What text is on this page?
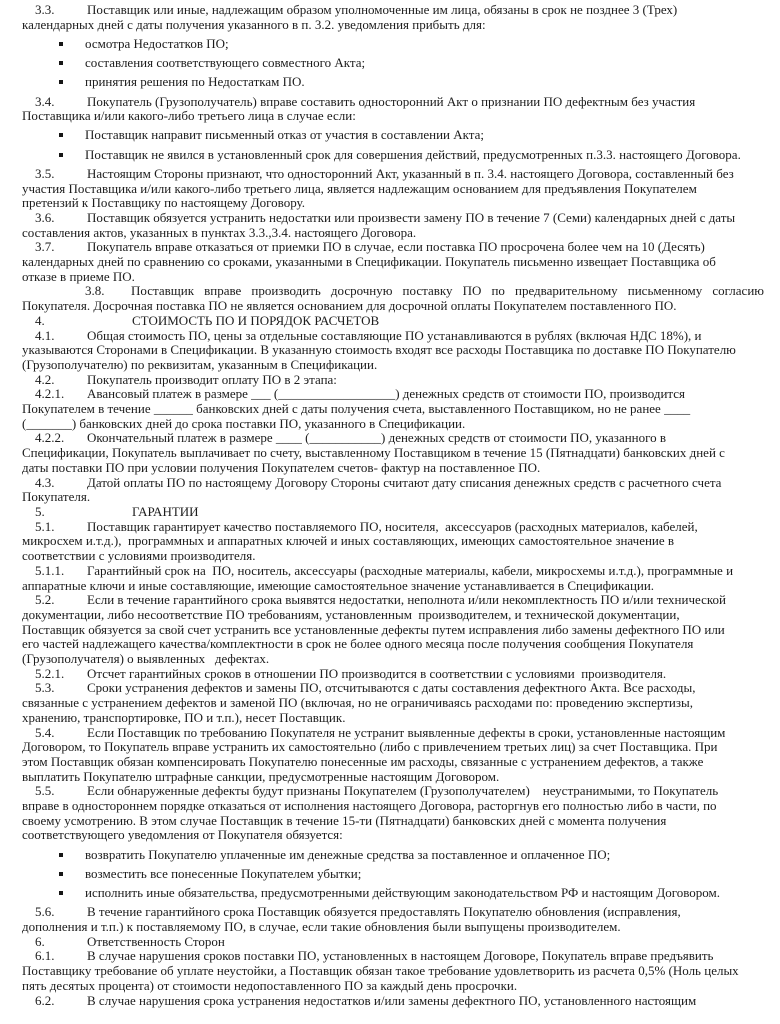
3.3.	Поставщик или иные, надлежащим образом уполномоченные им лица, обязаны в срок не позднее 3 (Трех) календарных дней с даты получения указанного в п. 3.2. уведомления прибыть для:
осмотра Недостатков ПО;
составления соответствующего совместного Акта;
принятия решения по Недостаткам ПО.
3.4.	Покупатель (Грузополучатель) вправе составить односторонний Акт о признании ПО дефектным без участия Поставщика и/или какого-либо третьего лица в случае если:
Поставщик направит письменный отказ от участия в составлении Акта;
Поставщик не явился в установленный срок для совершения действий, предусмотренных п.3.3. настоящего Договора.
3.5.	Настоящим Стороны признают, что односторонний Акт, указанный в п. 3.4. настоящего Договора, составленный без участия Поставщика и/или какого-либо третьего лица, является надлежащим основанием для предъявления Покупателем претензий к Поставщику по настоящему Договору.
3.6.	Поставщик обязуется устранить недостатки или произвести замену ПО в течение 7 (Семи) календарных дней с даты составления актов, указанных в пунктах 3.3.,3.4. настоящего Договора.
3.7.	Покупатель вправе отказаться от приемки ПО в случае, если поставка ПО просрочена более чем на 10 (Десять) календарных дней по сравнению со сроками, указанными в Спецификации. Покупатель письменно извещает Поставщика об отказе в приеме ПО.
3.8. Поставщик вправе производить досрочную поставку ПО по предварительному письменному согласию Покупателя. Досрочная поставка ПО не является основанием для досрочной оплаты Покупателем поставленного ПО.
4.	СТОИМОСТЬ ПО И ПОРЯДОК РАСЧЕТОВ
4.1.	Общая стоимость ПО, цены за отдельные составляющие ПО устанавливаются в рублях (включая НДС 18%), и указываются Сторонами в Спецификации. В указанную стоимость входят все расходы Поставщика по доставке ПО Покупателю (Грузополучателю) по реквизитам, указанным в Спецификации.
4.2.	Покупатель производит оплату ПО в 2 этапа:
4.2.1. Авансовый платеж в размере ___ (__________________) денежных средств от стоимости ПО, производится Покупателем в течение ______ банковских дней с даты получения счета, выставленного Поставщиком, но не ранее ____ (_______) банковских дней до срока поставки ПО, указанного в Спецификации.
4.2.2. Окончательный платеж в размере ____ (___________) денежных средств от стоимости ПО, указанного в Спецификации, Покупатель выплачивает по счету, выставленному Поставщиком в течение 15 (Пятнадцати) банковских дней с даты поставки ПО при условии получения Покупателем счетов- фактур на поставленное ПО.
4.3.	Датой оплаты ПО по настоящему Договору Стороны считают дату списания денежных средств с расчетного счета Покупателя.
5.	ГАРАНТИИ
5.1.	Поставщик гарантирует качество поставляемого ПО, носителя,  аксессуаров (расходных материалов, кабелей, микросхем и.т.д.),  программных и аппаратных ключей и иных составляющих, имеющих самостоятельное значение в соответствии с условиями производителя.
5.1.1. Гарантийный срок на  ПО, носитель, аксессуары (расходные материалы, кабели, микросхемы и.т.д.), программные и аппаратные ключи и иные составляющие, имеющие самостоятельное значение устанавливается в Спецификации.
5.2.	Если в течение гарантийного срока выявятся недостатки, неполнота и/или некомплектность ПО и/или технической документации, либо несоответствие ПО требованиям, установленным  производителем, и технической документации, Поставщик обязуется за свой счет устранить все установленные дефекты путем исправления либо замены дефектного ПО или его частей надлежащего качества/комплектности в срок не более одного месяца после получения сообщения Покупателя (Грузополучателя) о выявленных   дефектах.
5.2.1. Отсчет гарантийных сроков в отношении ПО производится в соответствии с условиями  производителя.
5.3.	Сроки устранения дефектов и замены ПО, отсчитываются с даты составления дефектного Акта. Все расходы, связанные с устранением дефектов и заменой ПО (включая, но не ограничиваясь расходами по: проведению экспертизы, хранению, транспортировке, ПО и т.п.), несет Поставщик.
5.4.	Если Поставщик по требованию Покупателя не устранит выявленные дефекты в сроки, установленные настоящим Договором, то Покупатель вправе устранить их самостоятельно (либо с привлечением третьих лиц) за счет Поставщика. При этом Поставщик обязан компенсировать Покупателю понесенные им расходы, связанные с устранением дефектов, а также выплатить Покупателю штрафные санкции, предусмотренные настоящим Договором.
5.5.	Если обнаруженные дефекты будут признаны Покупателем (Грузополучателем)    неустранимыми, то Покупатель вправе в одностороннем порядке отказаться от исполнения настоящего Договора, расторгнув его полностью либо в части, по своему усмотрению. В этом случае Поставщик в течение 15-ти (Пятнадцати) банковских дней с момента получения соответствующего уведомления от Покупателя обязуется:
возвратить Покупателю уплаченные им денежные средства за поставленное и оплаченное ПО;
возместить все понесенные Покупателем убытки;
исполнить иные обязательства, предусмотренными действующим законодательством РФ и настоящим Договором.
5.6.	В течение гарантийного срока Поставщик обязуется предоставлять Покупателю обновления (исправления, дополнения и т.п.) к поставляемому ПО, в случае, если такие обновления были выпущены производителем.
6.	Ответственность Сторон
6.1.	В случае нарушения сроков поставки ПО, установленных в настоящем Договоре, Покупатель вправе предъявить Поставщику требование об уплате неустойки, а Поставщик обязан такое требование удовлетворить из расчета 0,5% (Ноль целых пять десятых процента) от стоимости недопоставленного ПО за каждый день просрочки.
6.2.	В случае нарушения срока устранения недостатков и/или замены дефектного ПО, установленного настоящим
